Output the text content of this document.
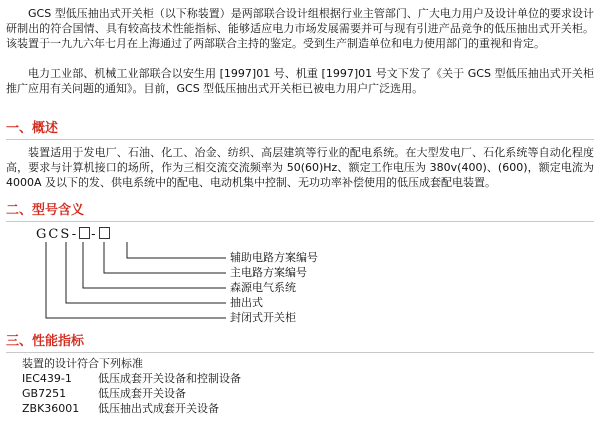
GCS 型低压抽出式开关柜（以下称装置）是两部联合设计组根据行业主管部门、广大电力用户及设计单位的要求设计研制出的符合国情、具有较高技术性能指标、能够适应电力市场发展需要并可与现有引进产品竞争的低压抽出式开关柜。该装置于一九九六年七月在上海通过了两部联合主持的鉴定。受到生产制造单位和电力使用部门的重视和肯定。

电力工业部、机械工业部联合以安生用 [1997]01 号、机重 [1997]01 号文下发了《关于 GCS 型低压抽出式开关柜推广应用有关问题的通知》。目前，GCS 型低压抽出式开关柜已被电力用户广泛选用。

一、概述

装置适用于发电厂、石油、化工、冶金、纺织、高层建筑等行业的配电系统。在大型发电厂、石化系统等自动化程度高，要求与计算机接口的场所，作为三相交流交流频率为 50(60)Hz、额定工作电压为 380v(400)、(600)，额定电流为 4000A 及以下的发、供电系统中的配电、电动机集中控制、无功功率补偿使用的低压成套配电装置。

二、型号含义
GCS- -
辅助电路方案编号
主电路方案编号
森源电气系统
抽出式
封闭式开关柜
三、性能指标
装置的设计符合下列标准
IEC439-1 低压成套开关设备和控制设备
GB7251	低压成套开关设备
ZBK36001 低压抽出式成套开关设备
